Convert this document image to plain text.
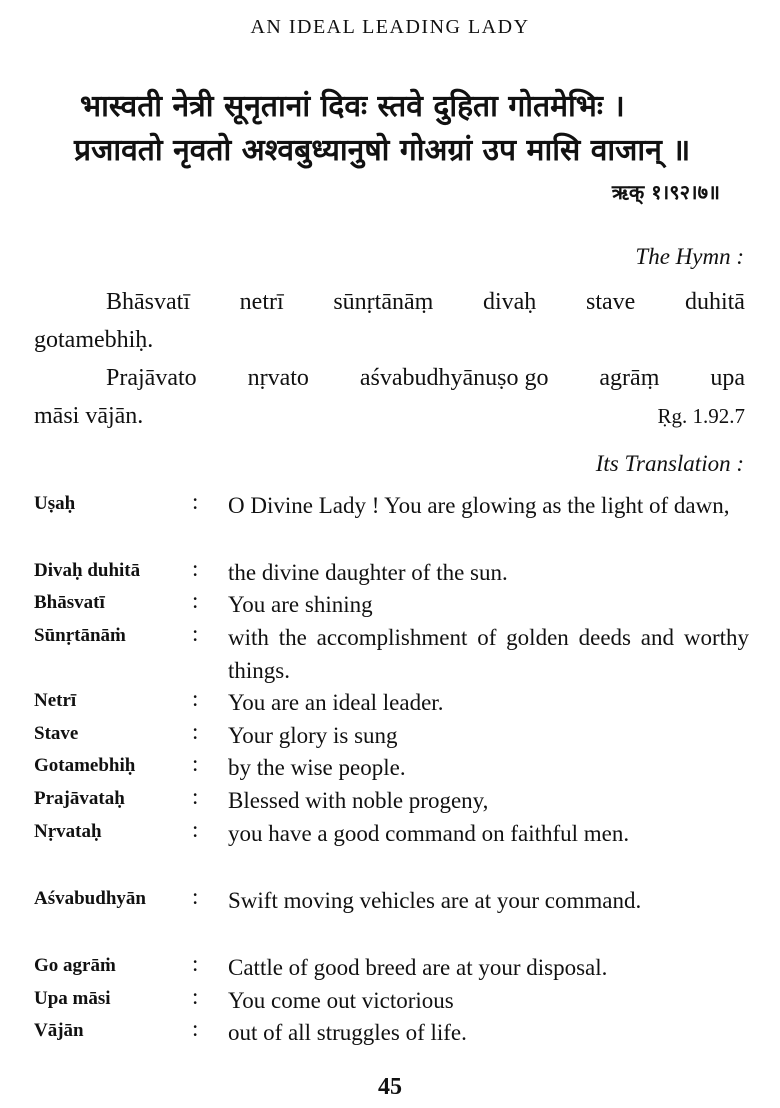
AN IDEAL LEADING LADY
भास्वती नेत्री सूनृतानां दिवः स्तवे दुहिता गोतमेभिः ।
प्रजावतो नृवतो अश्वबुध्यानुषो गोअग्रां उप मासि वाजान् ॥
ऋक् १।९२।७॥
The Hymn :
Bhāsvatī netrī sūnṛtānāṃ divaḥ stave duhitā
gotamebhiḥ.
Prajāvato nṛvato aśvabudhyānuṣo go agrāṃ upa
māsi vājān.	Ṛg. 1.92.7
Its Translation :
Uṣaḥ	: O Divine Lady ! You are glowing as the light of dawn,
Divaḥ duhitā	: the divine daughter of the sun.
Bhāsvatī	: You are shining
Sūnṛtānāṁ	: with the accomplishment of golden deeds and worthy things.
Netrī	: You are an ideal leader.
Stave	: Your glory is sung
Gotamebhiḥ	: by the wise people.
Prajāvataḥ	: Blessed with noble progeny,
Nṛvataḥ	: you have a good command on faithful men.
Aśvabudhyān	: Swift moving vehicles are at your command.
Go agrāṁ	: Cattle of good breed are at your disposal.
Upa māsi	: You come out victorious
Vājān	: out of all struggles of life.
45
